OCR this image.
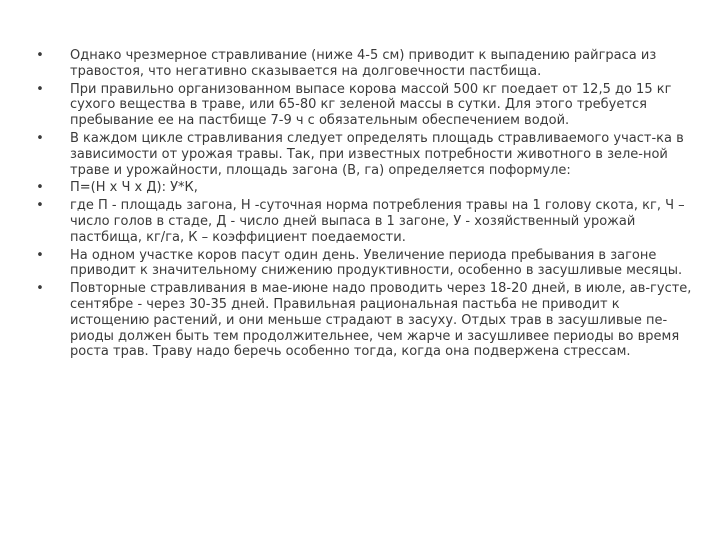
• Однако чрезмерное стравливание (ниже 4-5 см) приводит к выпадению райграса из травостоя, что негативно сказывается на долговечности пастбища.
• При правильно организованном выпасе корова массой 500 кг поедает от 12,5 до 15 кг сухого вещества в траве, или 65-80 кг зеленой массы в сутки. Для этого требуется пребывание ее на пастбище 7-9 ч с обязательным обеспечением водой.
• В каждом цикле стравливания следует определять площадь стравливаемого участ-ка в зависимости от урожая травы. Так, при известных потребности животного в зеле-ной траве и урожайности, площадь загона (В, га) определяется поформуле:
• П=(Н х Ч х Д): У*К,
• где П - площадь загона, Н -суточная норма потребления травы на 1 голову скота, кг, Ч – число голов в стаде, Д - число дней выпаса в 1 загоне, У - хозяйственный урожай пастбища, кг/га, К – коэффициент поедаемости.
• На одном участке коров пасут один день. Увеличение периода пребывания в загоне приводит к значительному снижению продуктивности, особенно в засушливые месяцы.
• Повторные стравливания в мае-июне надо проводить через 18-20 дней, в июле, ав-густе, сентябре - через 30-35 дней. Правильная рациональная пастьба не приводит к истощению растений, и они меньше страдают в засуху. Отдых трав в засушливые пе-риоды должен быть тем продолжительнее, чем жарче и засушливее периоды во время роста трав. Траву надо беречь особенно тогда, когда она подвержена стрессам.
